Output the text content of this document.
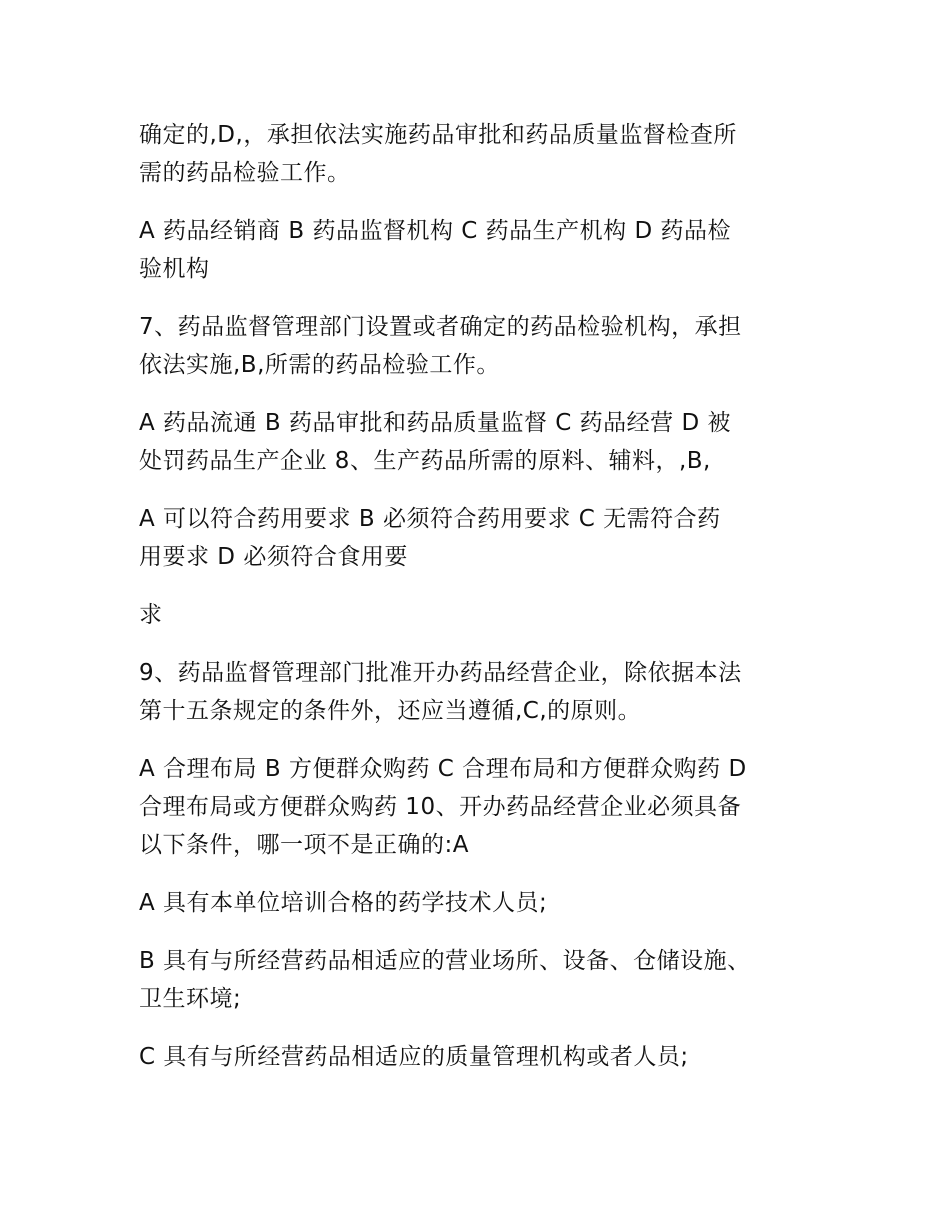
确定的,D,，承担依法实施药品审批和药品质量监督检查所
需的药品检验工作。

A 药品经销商 B 药品监督机构 C 药品生产机构 D 药品检
验机构

7、药品监督管理部门设置或者确定的药品检验机构，承担
依法实施,B,所需的药品检验工作。

A 药品流通 B 药品审批和药品质量监督 C 药品经营 D 被
处罚药品生产企业 8、生产药品所需的原料、辅料，,B,

A 可以符合药用要求 B 必须符合药用要求 C 无需符合药
用要求 D 必须符合食用要

求

9、药品监督管理部门批准开办药品经营企业，除依据本法
第十五条规定的条件外，还应当遵循,C,的原则。

A 合理布局 B 方便群众购药 C 合理布局和方便群众购药 D
合理布局或方便群众购药 10、开办药品经营企业必须具备
以下条件，哪一项不是正确的:A

A 具有本单位培训合格的药学技术人员;

B 具有与所经营药品相适应的营业场所、设备、仓储设施、
卫生环境;

C 具有与所经营药品相适应的质量管理机构或者人员;
